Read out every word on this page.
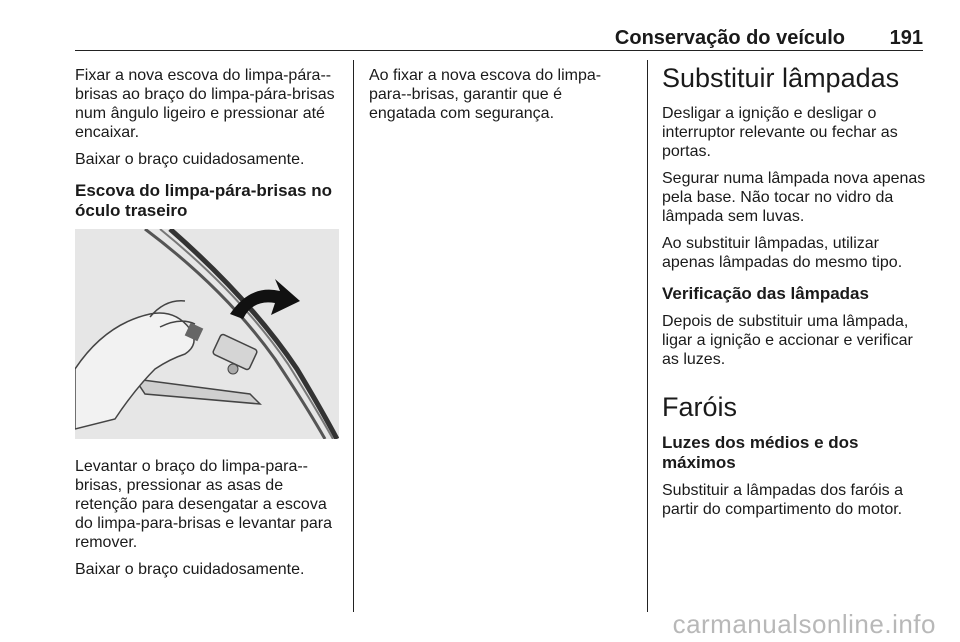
Conservação do veículo 191

Fixar a nova escova do limpa-pára--brisas ao braço do limpa-pára-brisas num ângulo ligeiro e pressionar até encaixar.

Baixar o braço cuidadosamente.

Escova do limpa-pára-brisas no óculo traseiro

Levantar o braço do limpa-para--brisas, pressionar as asas de retenção para desengatar a escova do limpa-para-brisas e levantar para remover.

Baixar o braço cuidadosamente.

Ao fixar a nova escova do limpa-para--brisas, garantir que é engatada com segurança.

Substituir lâmpadas

Desligar a ignição e desligar o interruptor relevante ou fechar as portas.

Segurar numa lâmpada nova apenas pela base. Não tocar no vidro da lâmpada sem luvas.

Ao substituir lâmpadas, utilizar apenas lâmpadas do mesmo tipo.

Verificação das lâmpadas

Depois de substituir uma lâmpada, ligar a ignição e accionar e verificar as luzes.

Faróis
Luzes dos médios e dos máximos

Substituir a lâmpadas dos faróis a partir do compartimento do motor.

carmanualsonline.info
